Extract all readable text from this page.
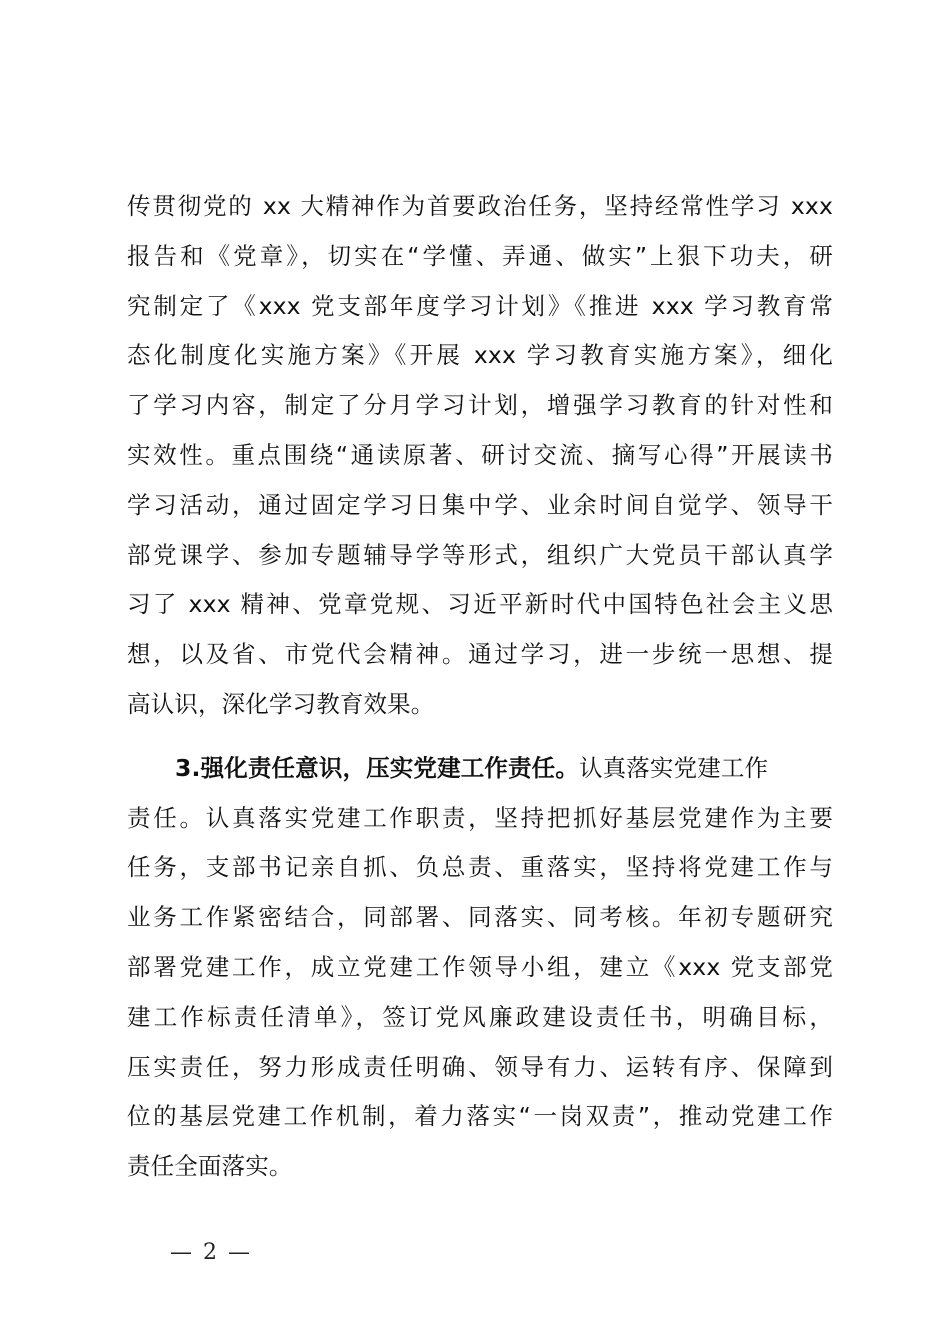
传贯彻党的 xx 大精神作为首要政治任务，坚持经常性学习 xxx
报告和《党章》，切实在“学懂、弄通、做实”上狠下功夫，研
究制定了《xxx 党支部年度学习计划》《推进 xxx 学习教育常
态化制度化实施方案》《开展 xxx 学习教育实施方案》，细化
了学习内容，制定了分月学习计划，增强学习教育的针对性和
实效性。重点围绕“通读原著、研讨交流、摘写心得”开展读书
学习活动，通过固定学习日集中学、业余时间自觉学、领导干
部党课学、参加专题辅导学等形式，组织广大党员干部认真学
习了 xxx 精神、党章党规、习近平新时代中国特色社会主义思
想，以及省、市党代会精神。通过学习，进一步统一思想、提
高认识，深化学习教育效果。
3.强化责任意识，压实党建工作责任。认真落实党建工作
责任。认真落实党建工作职责，坚持把抓好基层党建作为主要
任务，支部书记亲自抓、负总责、重落实，坚持将党建工作与
业务工作紧密结合，同部署、同落实、同考核。年初专题研究
部署党建工作，成立党建工作领导小组，建立《xxx 党支部党
建工作标责任清单》，签订党风廉政建设责任书，明确目标，
压实责任，努力形成责任明确、领导有力、运转有序、保障到
位的基层党建工作机制，着力落实“一岗双责”，推动党建工作
责任全面落实。
— 2 —
